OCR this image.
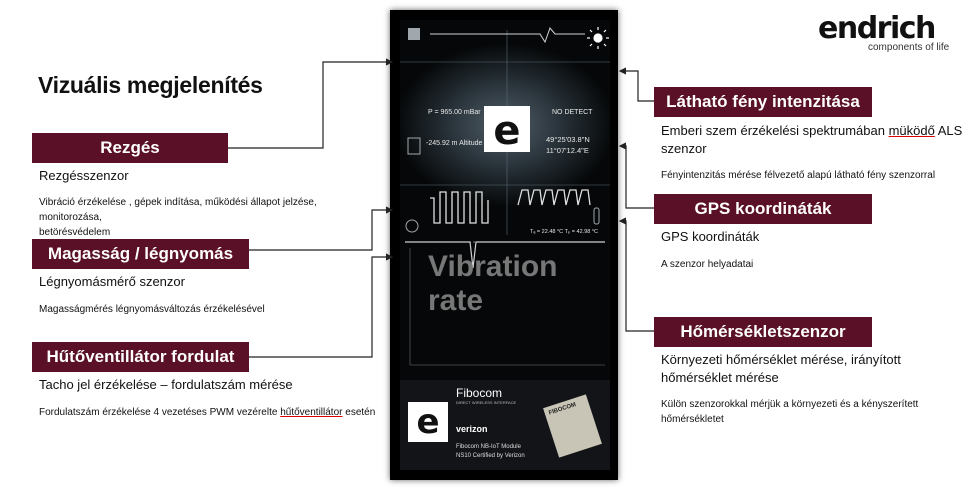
endrich
components of life
Vizuális megjelenítés
Rezgés
Rezgésszenzor
Vibráció érzékelése , gépek indítása, működési állapot jelzése, monitorozása,
betörésvédelem
Magasság / légnyomás
Légnyomásmérő szenzor
Magasságmérés légnyomásváltozás érzékelésével
Hűtőventillátor fordulat
Tacho jel érzékelése – fordulatszám mérése
Fordulatszám érzékelése 4 vezetéses PWM vezérelte hűtőventillátor esetén
Látható fény intenzitása
Emberi szem érzékelési spektrumában müködő ALS
szenzor
Fényintenzitás mérése félvezető alapú látható fény szenzorral
GPS koordináták
GPS koordináták
A szenzor helyadatai
Hőmérsékletszenzor
Környezeti hőmérséklet mérése, irányított
hőmérséklet mérése
Külön szenzorokkal mérjük a környezeti és a kényszerített
hőmérsékletet
e
P = 965.00 mBar
-245.92 m Altitude
NO DETECT
49°25'03.8"N
11°07'12.4"E
Tₐ = 22.48 °C Tₚ = 42.98 °C
Vibration rate
e
Fibocom
DIRECT WIRELESS INTERFACE
verizon
Fibocom NB-IoT Module
NS10 Certified by Verizon
FIBOCOM
